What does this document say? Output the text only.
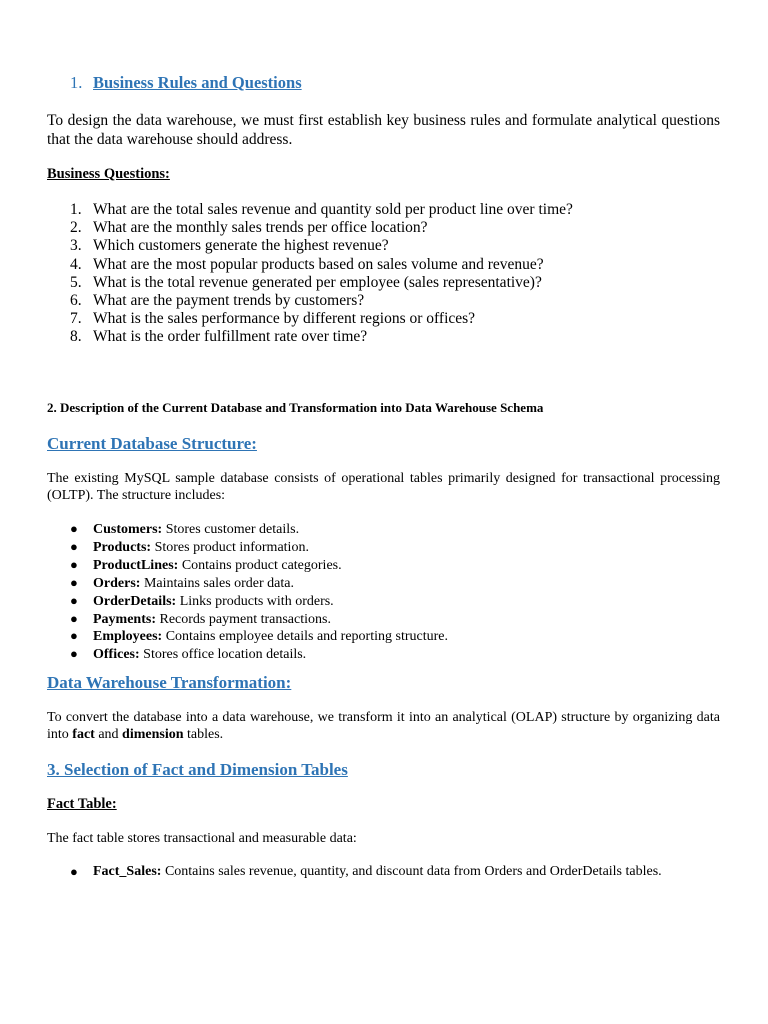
1. Business Rules and Questions
To design the data warehouse, we must first establish key business rules and formulate analytical questions that the data warehouse should address.
Business Questions:
1. What are the total sales revenue and quantity sold per product line over time?
2. What are the monthly sales trends per office location?
3. Which customers generate the highest revenue?
4. What are the most popular products based on sales volume and revenue?
5. What is the total revenue generated per employee (sales representative)?
6. What are the payment trends by customers?
7. What is the sales performance by different regions or offices?
8. What is the order fulfillment rate over time?
2. Description of the Current Database and Transformation into Data Warehouse Schema
Current Database Structure:
The existing MySQL sample database consists of operational tables primarily designed for transactional processing (OLTP). The structure includes:
● Customers: Stores customer details.
● Products: Stores product information.
● ProductLines: Contains product categories.
● Orders: Maintains sales order data.
● OrderDetails: Links products with orders.
● Payments: Records payment transactions.
● Employees: Contains employee details and reporting structure.
● Offices: Stores office location details.
Data Warehouse Transformation:
To convert the database into a data warehouse, we transform it into an analytical (OLAP) structure by organizing data into fact and dimension tables.
3. Selection of Fact and Dimension Tables
Fact Table:
The fact table stores transactional and measurable data:
●	Fact_Sales: Contains sales revenue, quantity, and discount data from Orders and OrderDetails tables.
